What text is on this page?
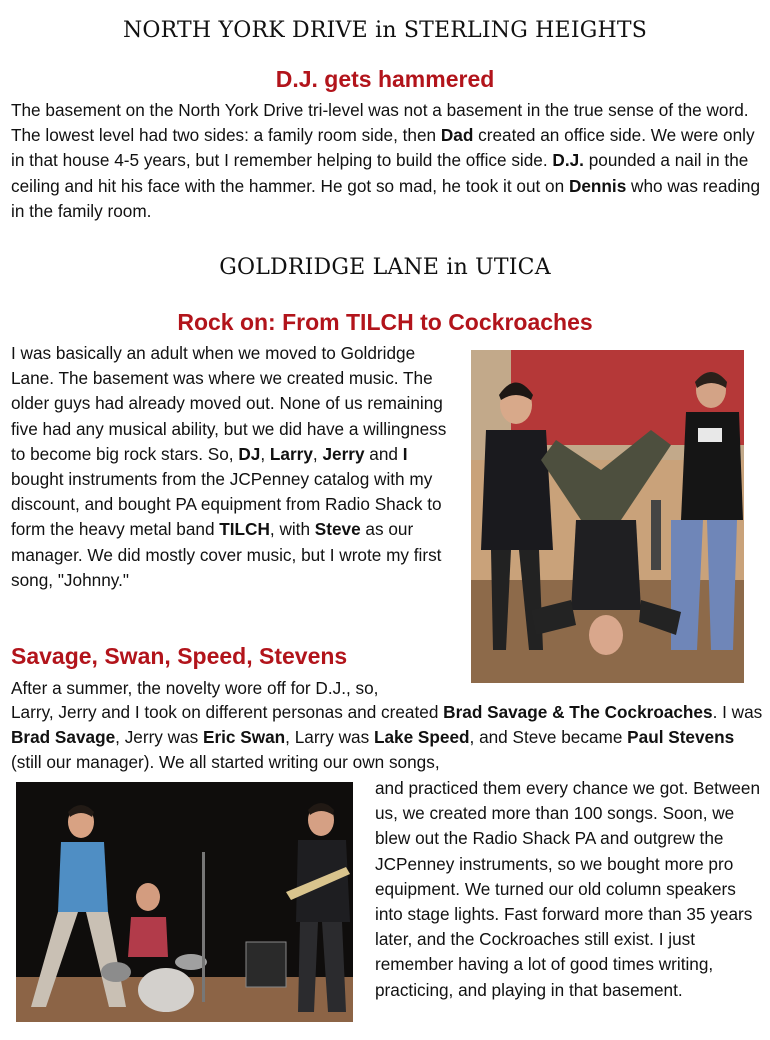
NORTH YORK DRIVE in STERLING HEIGHTS
D.J. gets hammered

The basement on the North York Drive tri-level was not a basement in the true sense of the word. The lowest level had two sides: a family room side, then Dad created an office side. We were only in that house 4-5 years, but I remember helping to build the office side. D.J. pounded a nail in the ceiling and hit his face with the hammer. He got so mad, he took it out on Dennis who was reading in the family room.

GOLDRIDGE LANE in UTICA
Rock on: From TILCH to Cockroaches

I was basically an adult when we moved to Goldridge Lane. The basement was where we created music. The older guys had already moved out. None of us remaining five had any musical ability, but we did have a willingness to become big rock stars. So, DJ, Larry, Jerry and I bought instruments from the JCPenney catalog with my discount, and bought PA equipment from Radio Shack to form the heavy metal band TILCH, with Steve as our manager. We did mostly cover music, but I wrote my first song, "Johnny."

Savage, Swan, Speed, Stevens

After a summer, the novelty wore off for D.J., so,

Larry, Jerry and I took on different personas and created Brad Savage & The Cockroaches. I was Brad Savage, Jerry was Eric Swan, Larry was Lake Speed, and Steve became Paul Stevens (still our manager). We all started writing our own songs,

and practiced them every chance we got. Between us, we created more than 100 songs. Soon, we blew out the Radio Shack PA and outgrew the JCPenney instruments, so we bought more pro equipment. We turned our old column speakers into stage lights. Fast forward more than 35 years later, and the Cockroaches still exist. I just remember having a lot of good times writing, practicing, and playing in that basement.
